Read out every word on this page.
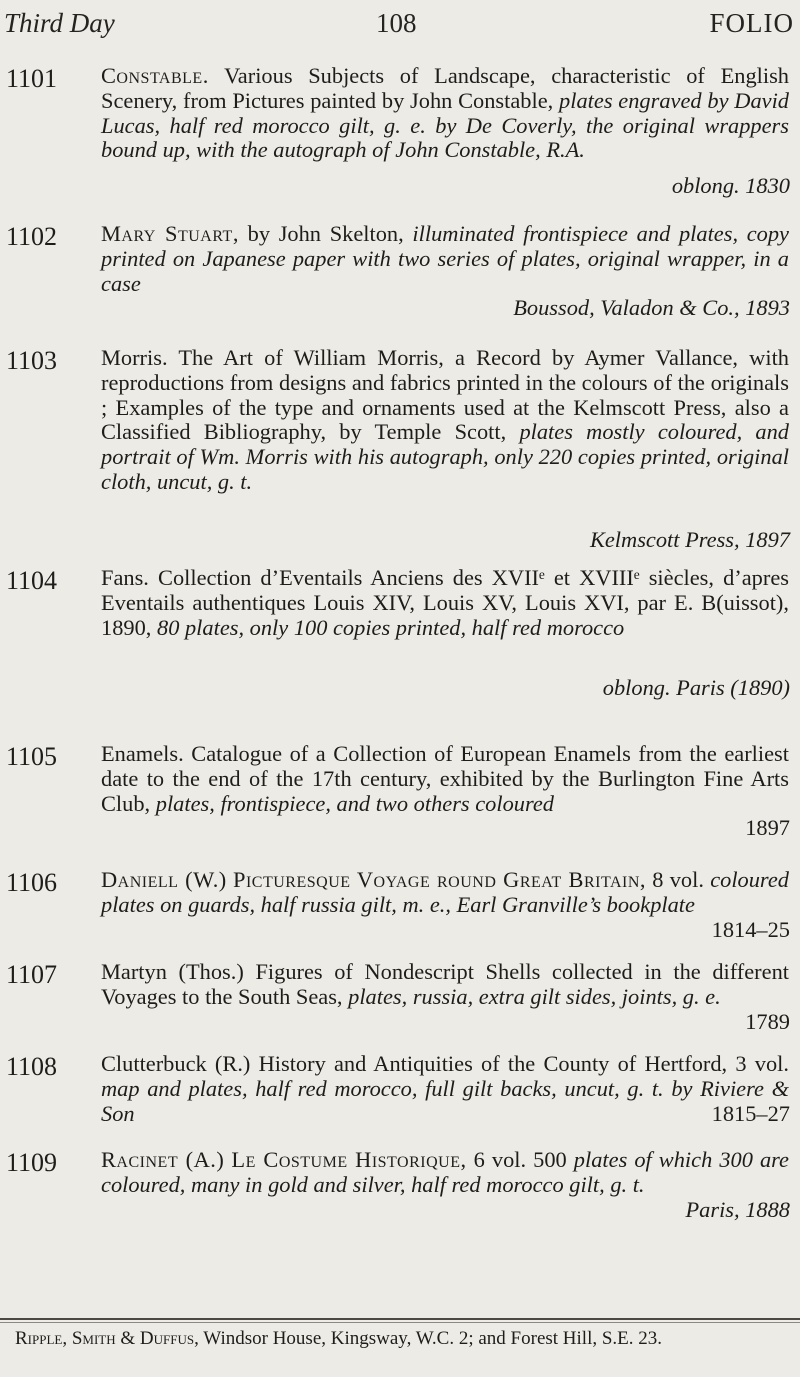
Third Day	108	FOLIO
1101	Constable. Various Subjects of Landscape, characteristic of English Scenery, from Pictures painted by John Constable, plates engraved by David Lucas, half red morocco gilt, g. e. by De Coverly, the original wrappers bound up, with the autograph of John Constable, R.A.
oblong. 1830
1102	Mary Stuart, by John Skelton, illuminated frontispiece and plates, copy printed on Japanese paper with two series of plates, original wrapper, in a case
Boussod, Valadon & Co., 1893
1103	Morris. The Art of William Morris, a Record by Aymer Vallance, with reproductions from designs and fabrics printed in the colours of the originals ; Examples of the type and ornaments used at the Kelmscott Press, also a Classified Bibliography, by Temple Scott, plates mostly coloured, and portrait of Wm. Morris with his autograph, only 220 copies printed, original cloth, uncut, g. t.
Kelmscott Press, 1897
1104	Fans. Collection d’Eventails Anciens des XVIIᵉ et XVIIIᵉ siècles, d’apres Eventails authentiques Louis XIV, Louis XV, Louis XVI, par E. B(uissot), 1890, 80 plates, only 100 copies printed, half red morocco
oblong. Paris (1890)
1105	Enamels. Catalogue of a Collection of European Enamels from the earliest date to the end of the 17th century, exhibited by the Burlington Fine Arts Club, plates, frontispiece, and two others coloured
1897
1106	Daniell (W.) Picturesque Voyage round Great Britain, 8 vol. coloured plates on guards, half russia gilt, m. e., Earl Granville’s bookplate
1814–25
1107	Martyn (Thos.) Figures of Nondescript Shells collected in the different Voyages to the South Seas, plates, russia, extra gilt sides, joints, g. e.
1789
1108	Clutterbuck (R.) History and Antiquities of the County of Hertford, 3 vol. map and plates, half red morocco, full gilt backs, uncut, g. t. by Riviere & Son	1815–27
1109	Racinet (A.) Le Costume Historique, 6 vol. 500 plates of which 300 are coloured, many in gold and silver, half red morocco gilt, g. t.
Paris, 1888
Ripple, Smith & Duffus, Windsor House, Kingsway, W.C. 2; and Forest Hill, S.E. 23.
